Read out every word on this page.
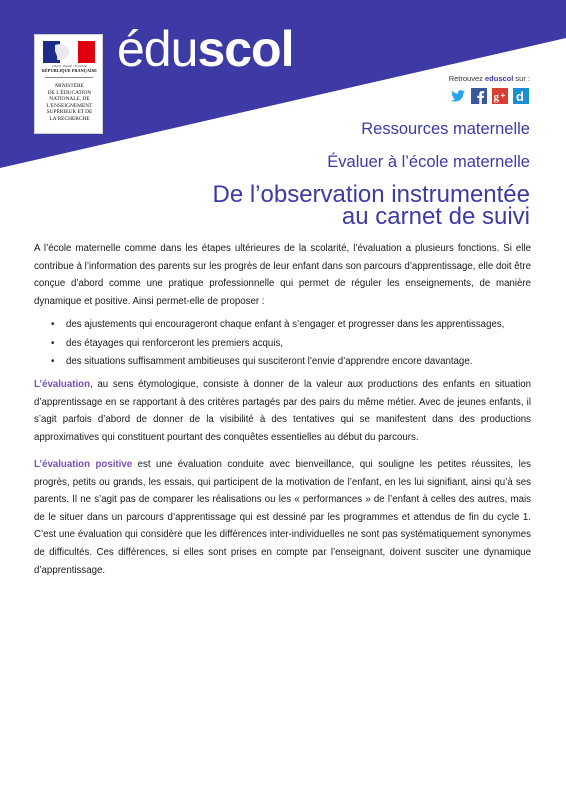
Liberté • Égalité • Fraternité
RÉPUBLIQUE FRANÇAISE
MINISTÈRE
DE L'ÉDUCATION
NATIONALE, DE
L'ENSEIGNEMENT
SUPÉRIEUR ET DE
LA RECHERCHE
éduscol
Retrouvez eduscol sur :
g + d
Ressources maternelle
Évaluer à l’école maternelle
De l’observation instrumentée
au carnet de suivi

A l’école maternelle comme dans les étapes ultérieures de la scolarité, l’évaluation a plusieurs fonctions. Si elle contribue à l’information des parents sur les progrès de leur enfant dans son parcours d’apprentissage, elle doit être conçue d’abord comme une pratique professionnelle qui permet de réguler les enseignements, de manière dynamique et positive. Ainsi permet-elle de proposer :

• des ajustements qui encourageront chaque enfant à s’engager et progresser dans les apprentissages,
• des étayages qui renforceront les premiers acquis,
• des situations suffisamment ambitieuses qui susciteront l’envie d’apprendre encore davantage.

L’évaluation, au sens étymologique, consiste à donner de la valeur aux productions des enfants en situation d’apprentissage en se rapportant à des critères partagés par des pairs du même métier. Avec de jeunes enfants, il s’agit parfois d’abord de donner de la visibilité à des tentatives qui se manifestent dans des productions approximatives qui constituent pourtant des conquêtes essentielles au début du parcours.

L’évaluation positive est une évaluation conduite avec bienveillance, qui souligne les petites réussites, les progrès, petits ou grands, les essais, qui participent de la motivation de l’enfant, en les lui signifiant, ainsi qu’à ses parents. Il ne s’agit pas de comparer les réalisations ou les « performances » de l’enfant à celles des autres, mais de le situer dans un parcours d’apprentissage qui est dessiné par les programmes et attendus de fin du cycle 1. C’est une évaluation qui considère que les différences inter-individuelles ne sont pas systématiquement synonymes de difficultés. Ces différences, si elles sont prises en compte par l’enseignant, doivent susciter une dynamique d’apprentissage.
